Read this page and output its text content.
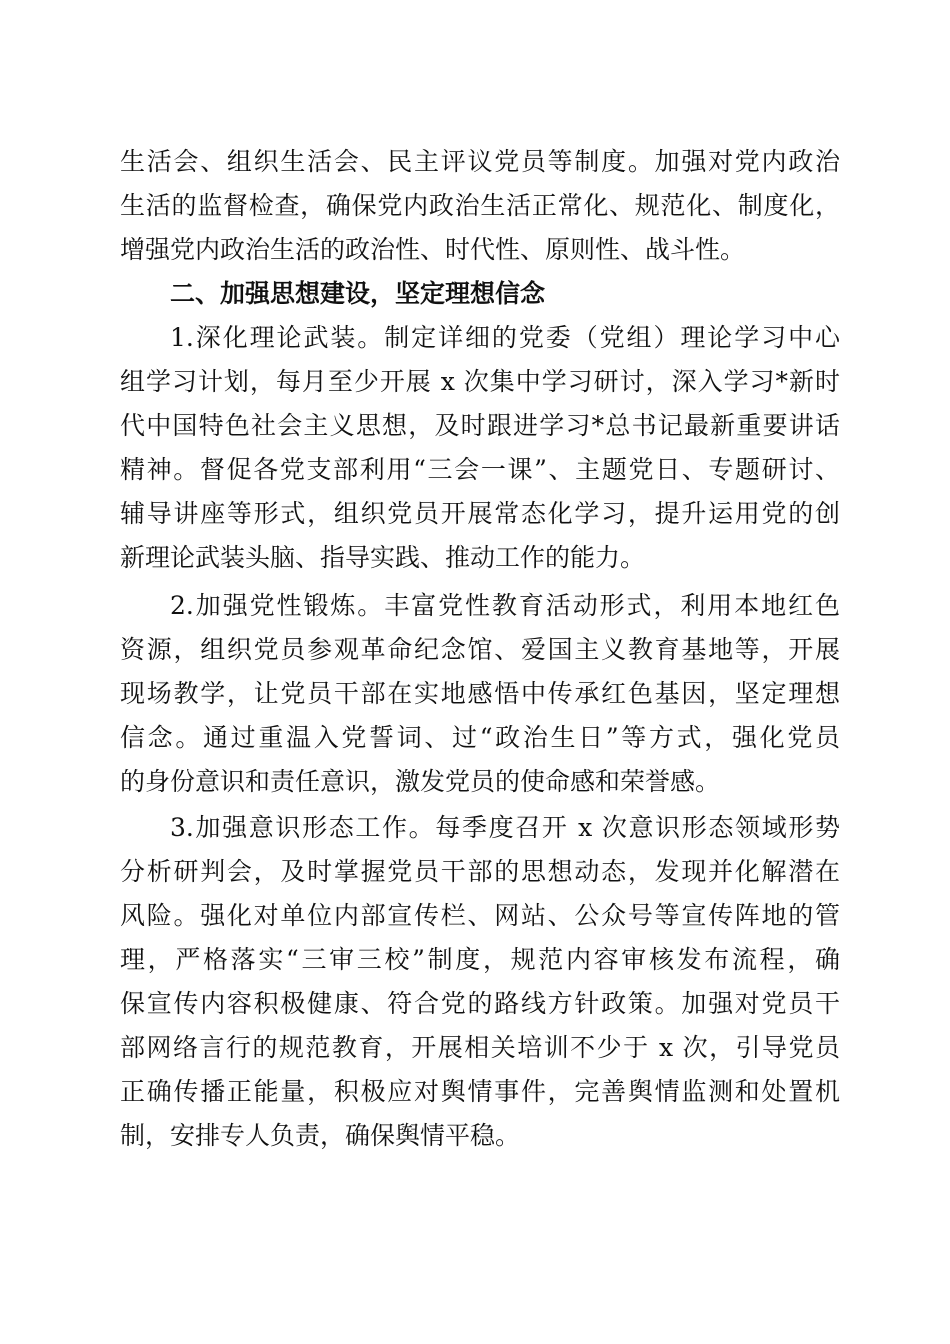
生活会、组织生活会、民主评议党员等制度。加强对党内政治

生活的监督检查，确保党内政治生活正常化、规范化、制度化，

增强党内政治生活的政治性、时代性、原则性、战斗性。

二、加强思想建设，坚定理想信念

1.深化理论武装。制定详细的党委（党组）理论学习中心

组学习计划，每月至少开展 x 次集中学习研讨，深入学习*新时

代中国特色社会主义思想，及时跟进学习*总书记最新重要讲话

精神。督促各党支部利用“三会一课”、主题党日、专题研讨、

辅导讲座等形式，组织党员开展常态化学习，提升运用党的创

新理论武装头脑、指导实践、推动工作的能力。

2.加强党性锻炼。丰富党性教育活动形式，利用本地红色

资源，组织党员参观革命纪念馆、爱国主义教育基地等，开展

现场教学，让党员干部在实地感悟中传承红色基因，坚定理想

信念。通过重温入党誓词、过“政治生日”等方式，强化党员

的身份意识和责任意识，激发党员的使命感和荣誉感。

3.加强意识形态工作。每季度召开 x 次意识形态领域形势

分析研判会，及时掌握党员干部的思想动态，发现并化解潜在

风险。强化对单位内部宣传栏、网站、公众号等宣传阵地的管

理，严格落实“三审三校”制度，规范内容审核发布流程，确

保宣传内容积极健康、符合党的路线方针政策。加强对党员干

部网络言行的规范教育，开展相关培训不少于 x 次，引导党员

正确传播正能量，积极应对舆情事件，完善舆情监测和处置机

制，安排专人负责，确保舆情平稳。
